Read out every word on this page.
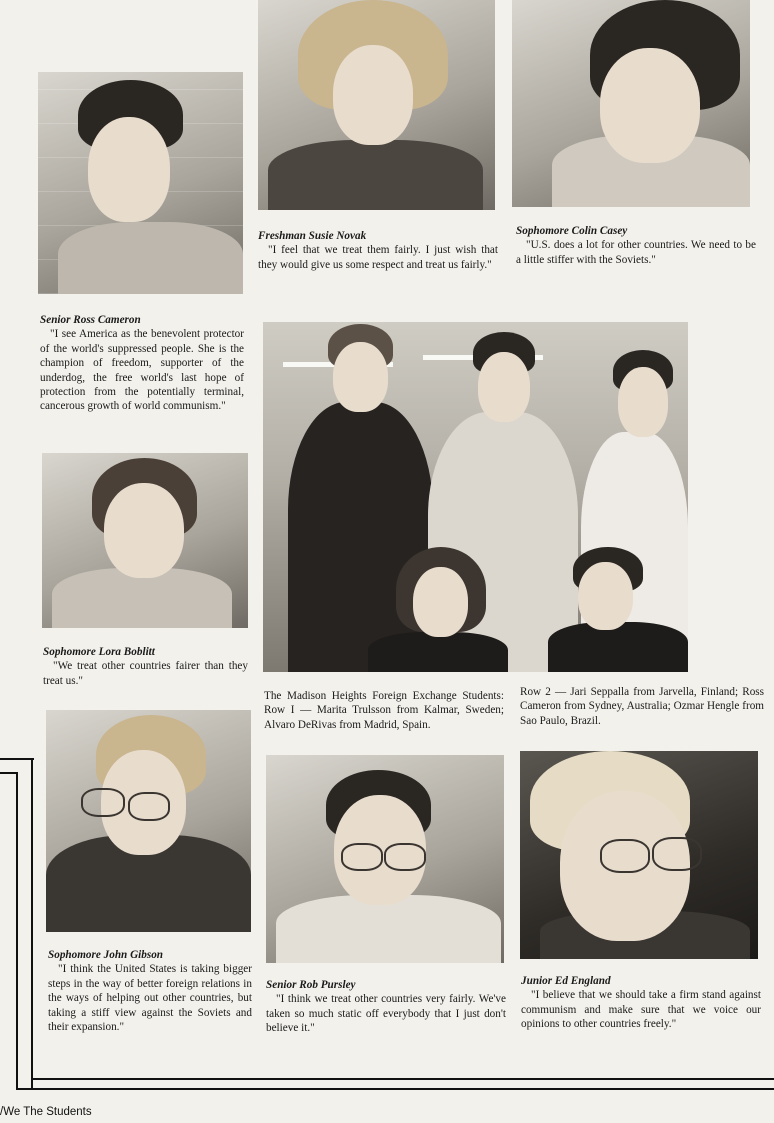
Senior Ross Cameron
"I see America as the benevolent protector of the world's suppressed people. She is the champion of freedom, supporter of the underdog, the free world's last hope of protection from the potentially terminal, cancerous growth of world communism."
Freshman Susie Novak
"I feel that we treat them fairly. I just wish that they would give us some respect and treat us fairly."
Sophomore Colin Casey
"U.S. does a lot for other countries. We need to be a little stiffer with the Soviets."
The Madison Heights Foreign Exchange Students: Row I — Marita Trulsson from Kalmar, Sweden; Alvaro DeRivas from Madrid, Spain.
Row 2 — Jari Seppalla from Jarvella, Finland; Ross Cameron from Sydney, Australia; Ozmar Hengle from Sao Paulo, Brazil.
Sophomore Lora Boblitt
"We treat other countries fairer than they treat us."
Sophomore John Gibson
"I think the United States is taking bigger steps in the way of better foreign relations in the ways of helping out other countries, but taking a stiff view against the Soviets and their expansion."
Senior Rob Pursley
"I think we treat other countries very fairly. We've taken so much static off everybody that I just don't believe it."
Junior Ed England
"I believe that we should take a firm stand against communism and make sure that we voice our opinions to other countries freely."
/We The Students
